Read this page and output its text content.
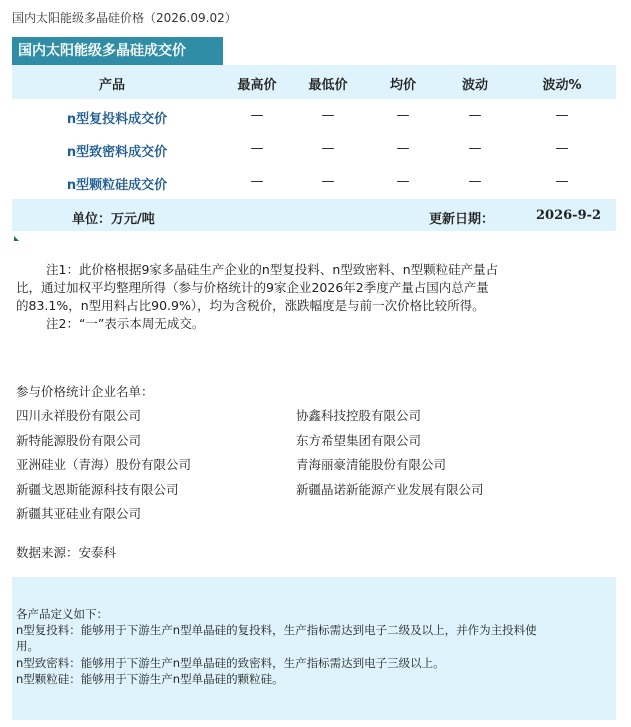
国内太阳能级多晶硅价格（2026.09.02）
国内太阳能级多晶硅成交价
产品	最高价	最低价	均价	波动	波动%
n型复投料成交价	—	—	—	—	—
n型致密料成交价	—	—	—	—	—
n型颗粒硅成交价	—	—	—	—	—
单位：万元/吨	更新日期：	2026-9-2
注1：此价格根据9家多晶硅生产企业的n型复投料、n型致密料、n型颗粒硅产量占
比，通过加权平均整理所得（参与价格统计的9家企业2026年2季度产量占国内总产量
的83.1%，n型用料占比90.9%），均为含税价，涨跌幅度是与前一次价格比较所得。
注2：“一”表示本周无成交。
参与价格统计企业名单：
四川永祥股份有限公司
新特能源股份有限公司
亚洲硅业（青海）股份有限公司
新疆戈恩斯能源科技有限公司
新疆其亚硅业有限公司
协鑫科技控股有限公司
东方希望集团有限公司
青海丽豪清能股份有限公司
新疆晶诺新能源产业发展有限公司
数据来源：安泰科
各产品定义如下：
n型复投料：能够用于下游生产n型单晶硅的复投料，生产指标需达到电子二级及以上，并作为主投料使
用。
n型致密料：能够用于下游生产n型单晶硅的致密料，生产指标需达到电子三级以上。
n型颗粒硅：能够用于下游生产n型单晶硅的颗粒硅。
